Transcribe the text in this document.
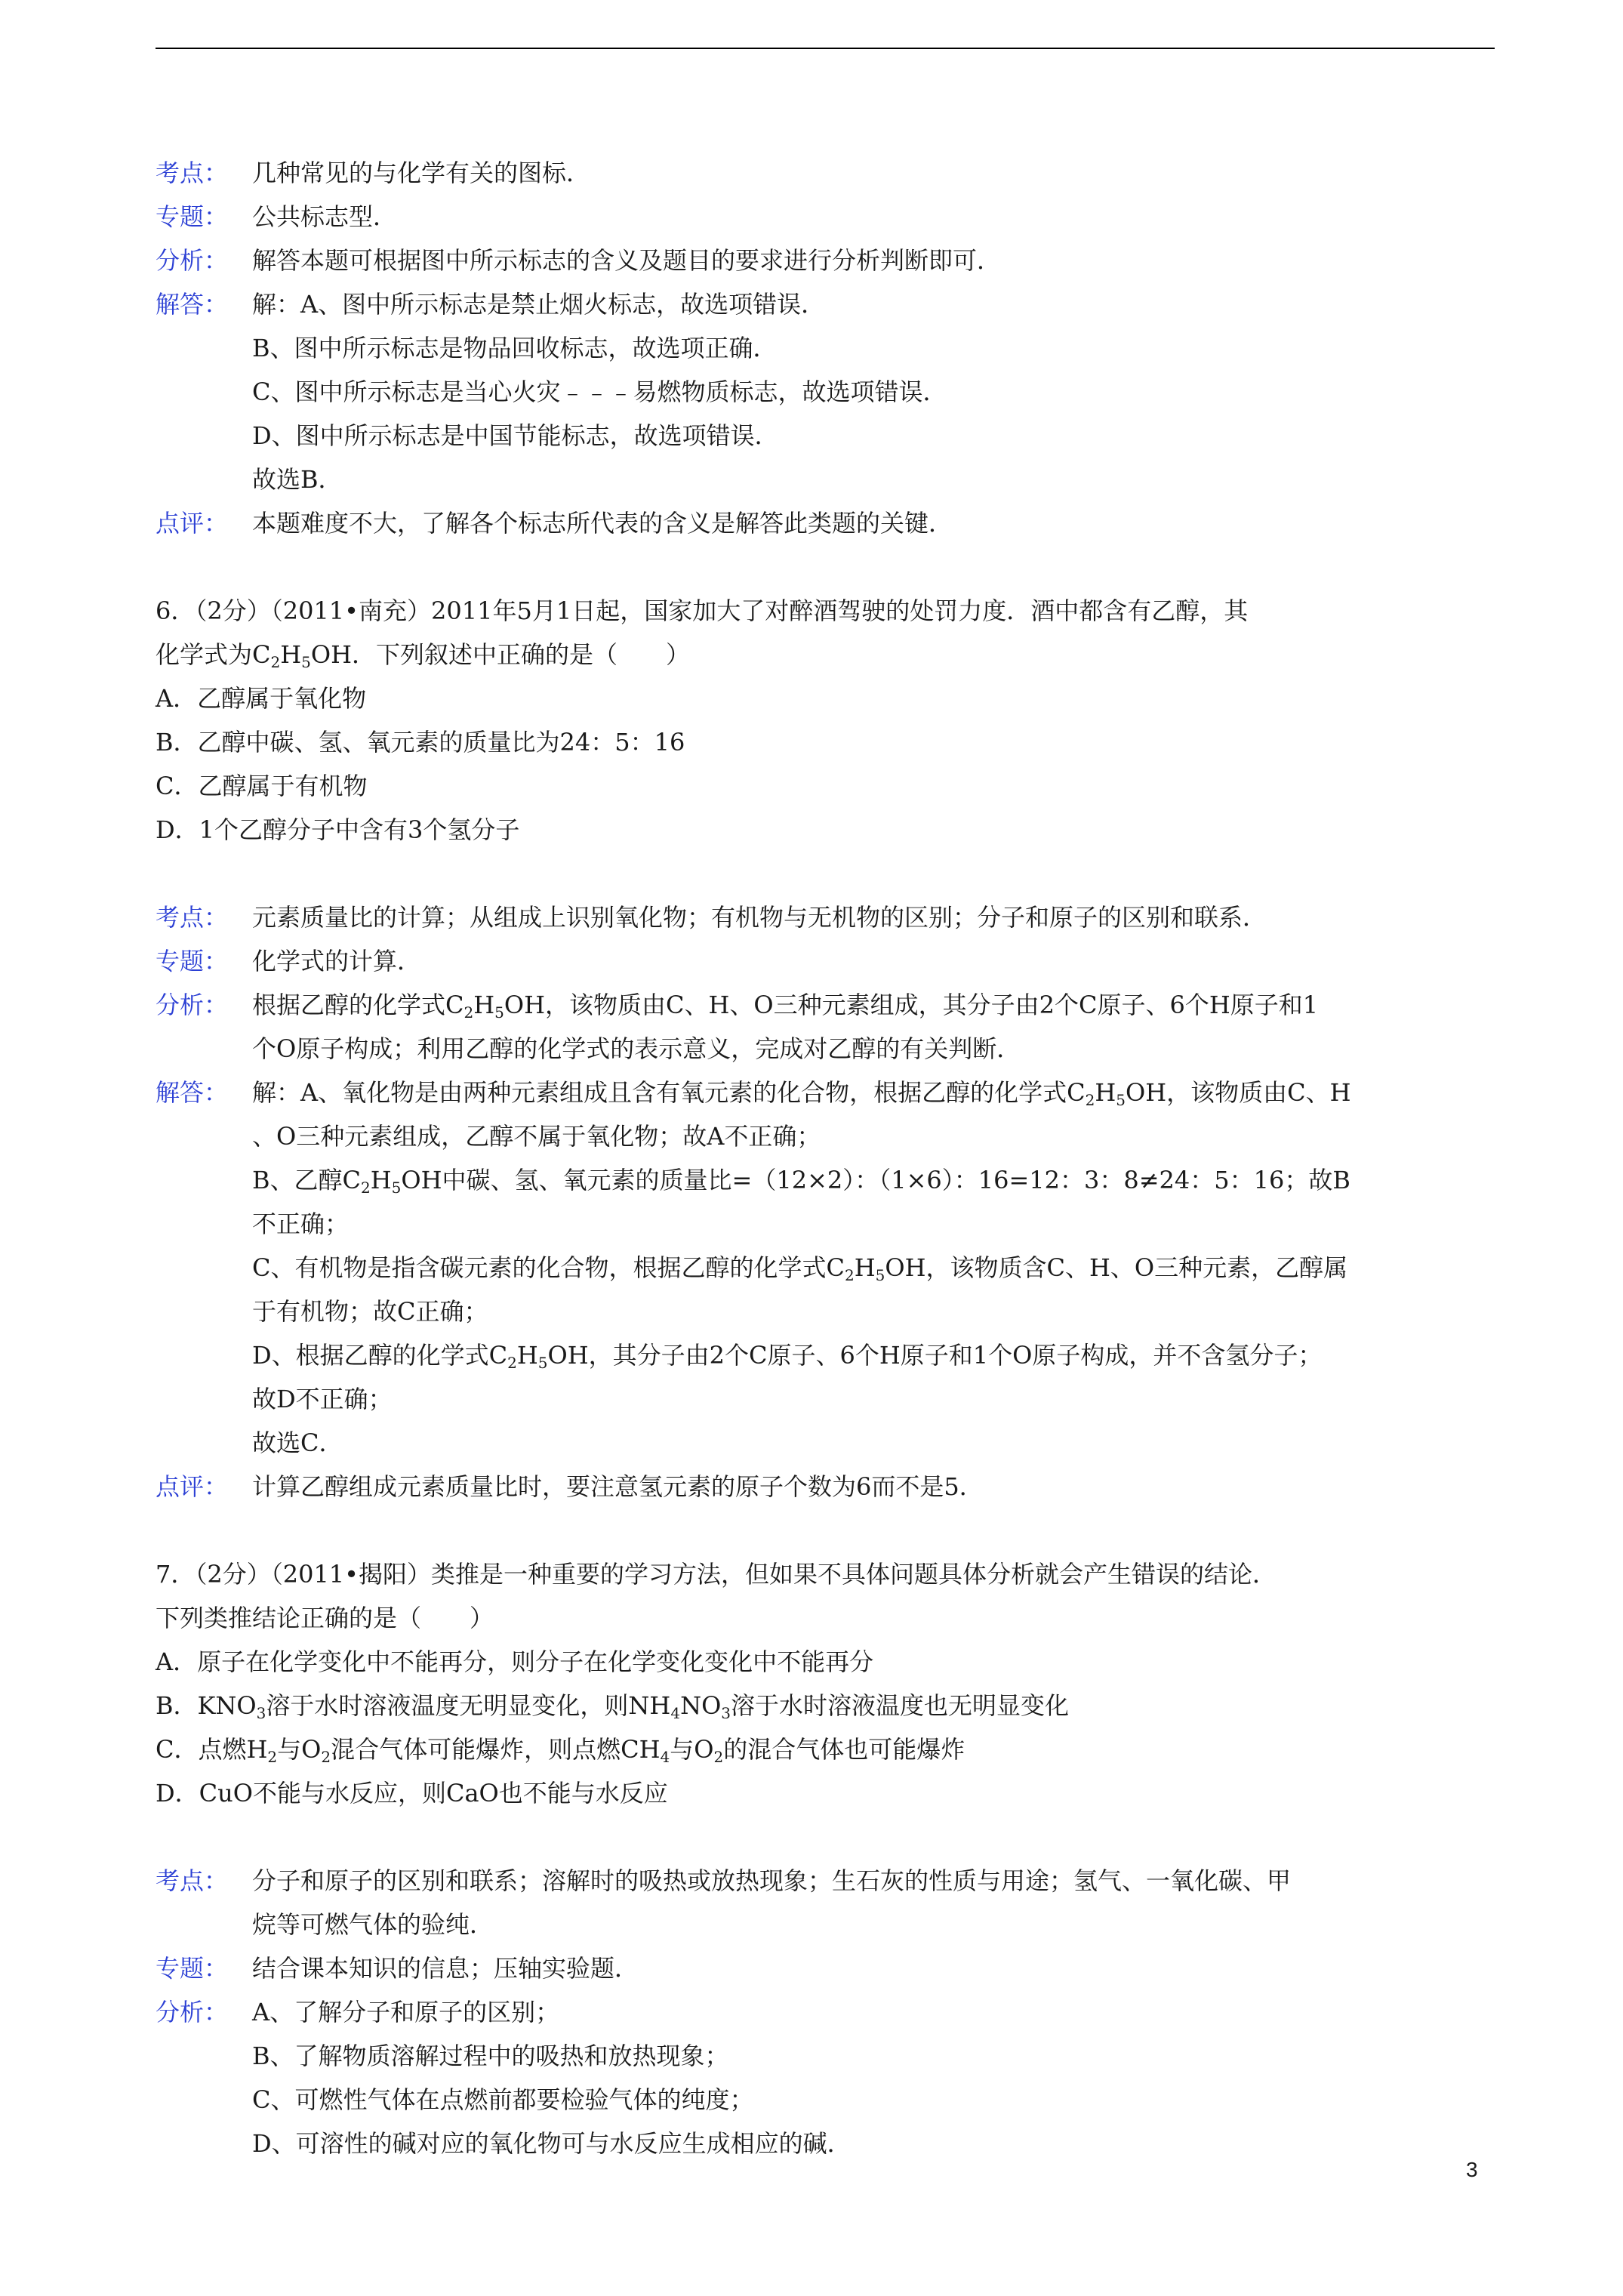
考点： 几种常见的与化学有关的图标．
专题： 公共标志型．
分析： 解答本题可根据图中所示标志的含义及题目的要求进行分析判断即可．
解答： 解：A、图中所示标志是禁止烟火标志，故选项错误．
B、图中所示标志是物品回收标志，故选项正确．
C、图中所示标志是当心火灾﹣﹣﹣易燃物质标志，故选项错误．
D、图中所示标志是中国节能标志，故选项错误．
故选B．
点评： 本题难度不大，了解各个标志所代表的含义是解答此类题的关键．
6．（2分）（2011•南充）2011年5月1日起，国家加大了对醉酒驾驶的处罚力度．酒中都含有乙醇，其
化学式为$C_2H_5OH$．下列叙述中正确的是（　　）
A．乙醇属于氧化物
B．乙醇中碳、氢、氧元素的质量比为24：5：16
C．乙醇属于有机物
D．1个乙醇分子中含有3个氢分子
考点： 元素质量比的计算；从组成上识别氧化物；有机物与无机物的区别；分子和原子的区别和联系．
专题： 化学式的计算．
分析： 根据乙醇的化学式$C_2H_5OH$，该物质由C、H、O三种元素组成，其分子由2个C原子、6个H原子和1
个O原子构成；利用乙醇的化学式的表示意义，完成对乙醇的有关判断．
解答： 解：A、氧化物是由两种元素组成且含有氧元素的化合物，根据乙醇的化学式$C_2H_5OH$，该物质由C、H
、O三种元素组成，乙醇不属于氧化物；故A不正确；
B、乙醇$C_2H_5OH$中碳、氢、氧元素的质量比=（12×2）：（1×6）：16=12：3：8≠24：5：16；故B
不正确；
C、有机物是指含碳元素的化合物，根据乙醇的化学式$C_2H_5OH$，该物质含C、H、O三种元素，乙醇属
于有机物；故C正确；
D、根据乙醇的化学式$C_2H_5OH$，其分子由2个C原子、6个H原子和1个O原子构成，并不含氢分子；
故D不正确；
故选C．
点评： 计算乙醇组成元素质量比时，要注意氢元素的原子个数为6而不是5．
7．（2分）（2011•揭阳）类推是一种重要的学习方法，但如果不具体问题具体分析就会产生错误的结论．
下列类推结论正确的是（　　）
A．原子在化学变化中不能再分，则分子在化学变化变化中不能再分
B．$KNO_3$溶于水时溶液温度无明显变化，则$NH_4NO_3$溶于水时溶液温度也无明显变化
C．点燃$H_2$与$O_2$混合气体可能爆炸，则点燃$CH_4$与$O_2$的混合气体也可能爆炸
D．CuO不能与水反应，则CaO也不能与水反应
考点： 分子和原子的区别和联系；溶解时的吸热或放热现象；生石灰的性质与用途；氢气、一氧化碳、甲
烷等可燃气体的验纯．
专题： 结合课本知识的信息；压轴实验题．
分析： A、了解分子和原子的区别；
B、了解物质溶解过程中的吸热和放热现象；
C、可燃性气体在点燃前都要检验气体的纯度；
D、可溶性的碱对应的氧化物可与水反应生成相应的碱．
3
